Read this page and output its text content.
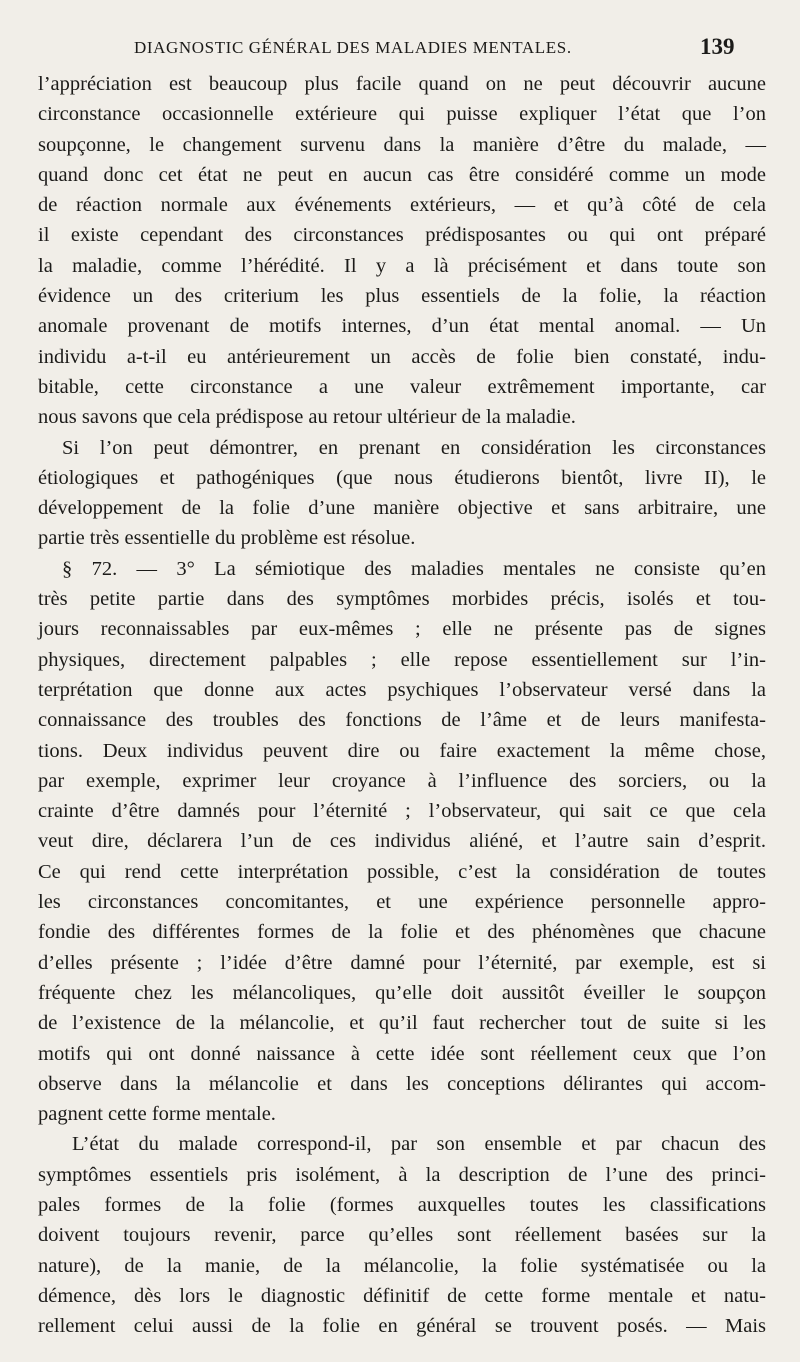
DIAGNOSTIC GÉNÉRAL DES MALADIES MENTALES.	139
l’appréciation est beaucoup plus facile quand on ne peut découvrir aucune
circonstance occasionnelle extérieure qui puisse expliquer l’état que l’on
soupçonne, le changement survenu dans la manière d’être du malade, —
quand donc cet état ne peut en aucun cas être considéré comme un mode
de réaction normale aux événements extérieurs, — et qu’à côté de cela
il existe cependant des circonstances prédisposantes ou qui ont préparé
la maladie, comme l’hérédité. Il y a là précisément et dans toute son
évidence un des criterium les plus essentiels de la folie, la réaction
anomale provenant de motifs internes, d’un état mental anomal. — Un
individu a-t-il eu antérieurement un accès de folie bien constaté, indu-
bitable, cette circonstance a une valeur extrêmement importante, car
nous savons que cela prédispose au retour ultérieur de la maladie.
Si l’on peut démontrer, en prenant en considération les circonstances
étiologiques et pathogéniques (que nous étudierons bientôt, livre II), le
développement de la folie d’une manière objective et sans arbitraire, une
partie très essentielle du problème est résolue.
§ 72. — 3° La sémiotique des maladies mentales ne consiste qu’en
très petite partie dans des symptômes morbides précis, isolés et tou-
jours reconnaissables par eux-mêmes ; elle ne présente pas de signes
physiques, directement palpables ; elle repose essentiellement sur l’in-
terprétation que donne aux actes psychiques l’observateur versé dans la
connaissance des troubles des fonctions de l’âme et de leurs manifesta-
tions. Deux individus peuvent dire ou faire exactement la même chose,
par exemple, exprimer leur croyance à l’influence des sorciers, ou la
crainte d’être damnés pour l’éternité ; l’observateur, qui sait ce que cela
veut dire, déclarera l’un de ces individus aliéné, et l’autre sain d’esprit.
Ce qui rend cette interprétation possible, c’est la considération de toutes
les circonstances concomitantes, et une expérience personnelle appro-
fondie des différentes formes de la folie et des phénomènes que chacune
d’elles présente ; l’idée d’être damné pour l’éternité, par exemple, est si
fréquente chez les mélancoliques, qu’elle doit aussitôt éveiller le soupçon
de l’existence de la mélancolie, et qu’il faut rechercher tout de suite si les
motifs qui ont donné naissance à cette idée sont réellement ceux que l’on
observe dans la mélancolie et dans les conceptions délirantes qui accom-
pagnent cette forme mentale.
L’état du malade correspond-il, par son ensemble et par chacun des
symptômes essentiels pris isolément, à la description de l’une des princi-
pales formes de la folie (formes auxquelles toutes les classifications
doivent toujours revenir, parce qu’elles sont réellement basées sur la
nature), de la manie, de la mélancolie, la folie systématisée ou la
démence, dès lors le diagnostic définitif de cette forme mentale et natu-
rellement celui aussi de la folie en général se trouvent posés. — Mais
